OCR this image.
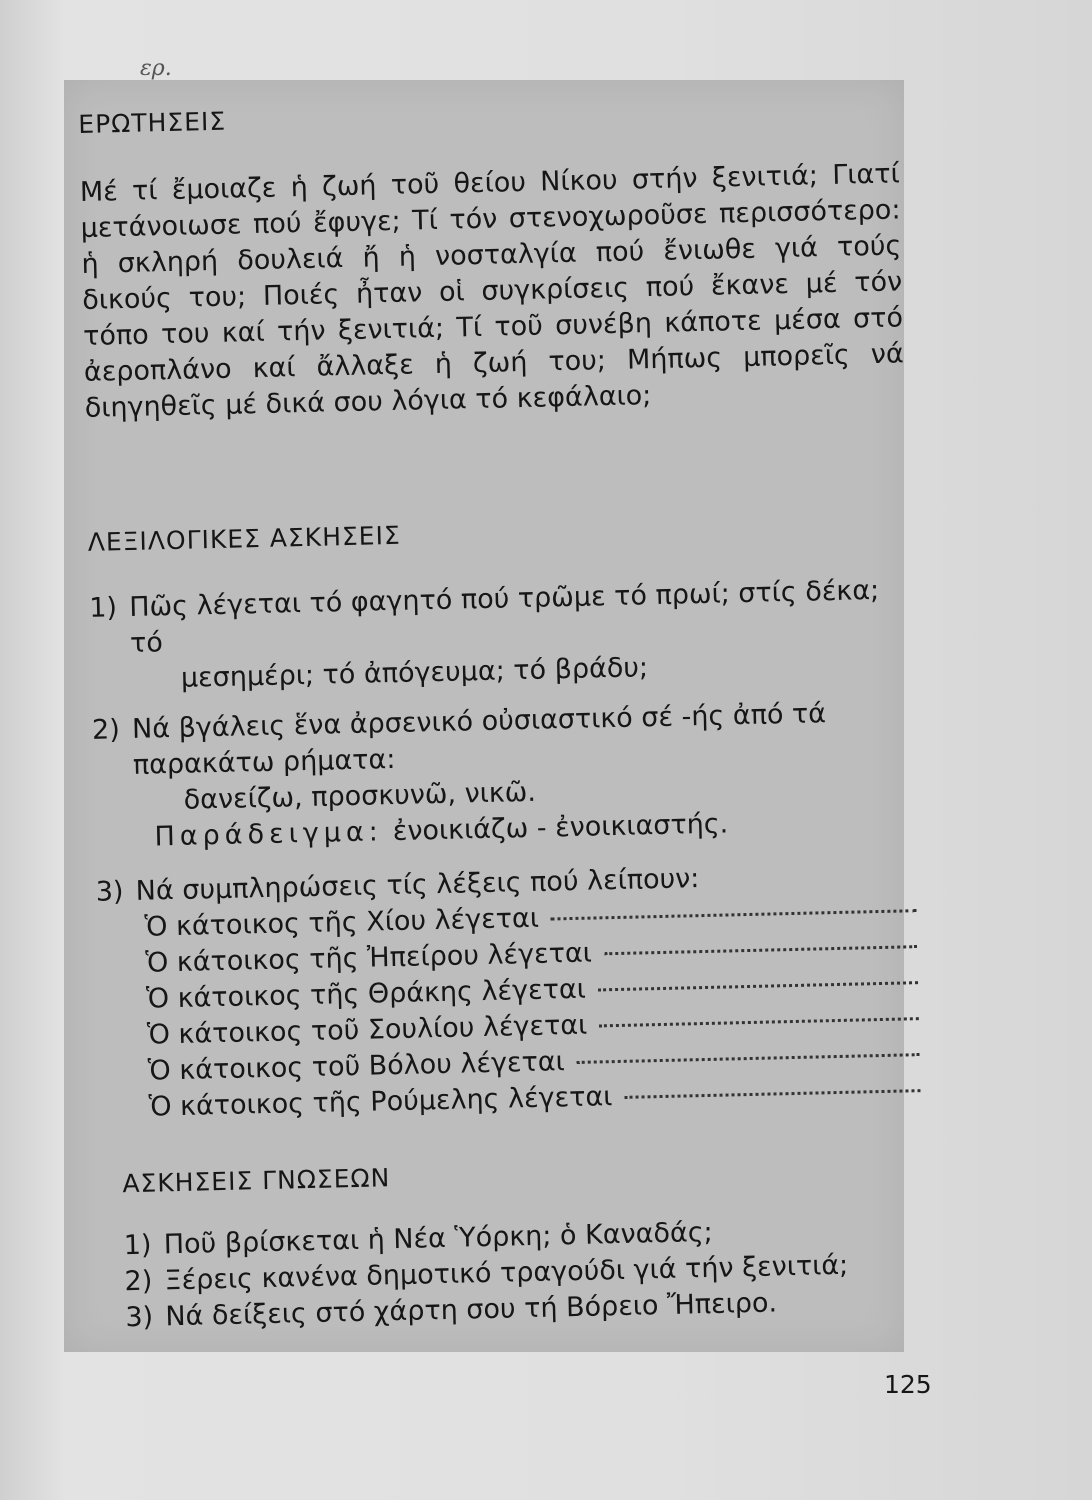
ερ.
ΕΡΩΤΗΣΕΙΣ

Μέ τί ἔμοιαζε ἡ ζωή τοῦ θείου Νίκου στήν ξενιτιά; Γιατί μετάνοιωσε πού ἔφυγε; Τί τόν στενοχωροῦσε περισσότερο: ἡ σκληρή δουλειά ἤ ἡ νοσταλγία πού ἔνιωθε γιά τούς δικούς του; Ποιές ἦταν οἱ συγκρίσεις πού ἔκανε μέ τόν τόπο του καί τήν ξενιτιά; Τί τοῦ συνέβη κάποτε μέσα στό ἀεροπλάνο καί ἄλλαξε ἡ ζωή του; Μήπως μπορεῖς νά διηγηθεῖς μέ δικά σου λόγια τό κεφάλαιο;

ΛΕΞΙΛΟΓΙΚΕΣ ΑΣΚΗΣΕΙΣ
1) Πῶς λέγεται τό φαγητό πού τρῶμε τό πρωί; στίς δέκα; τό
μεσημέρι; τό ἀπόγευμα; τό βράδυ;
2) Νά βγάλεις ἕνα ἀρσενικό οὐσιαστικό σέ -ής ἀπό τά παρακάτω ρήματα:
δανείζω, προσκυνῶ, νικῶ.
Παράδειγμα: ἐνοικιάζω - ἐνοικιαστής.
3) Νά συμπληρώσεις τίς λέξεις πού λείπουν:
Ὁ κάτοικος τῆς Χίου λέγεται
Ὁ κάτοικος τῆς Ἠπείρου λέγεται
Ὁ κάτοικος τῆς Θράκης λέγεται
Ὁ κάτοικος τοῦ Σουλίου λέγεται
Ὁ κάτοικος τοῦ Βόλου λέγεται
Ὁ κάτοικος τῆς Ρούμελης λέγεται
ΑΣΚΗΣΕΙΣ ΓΝΩΣΕΩΝ
1) Ποῦ βρίσκεται ἡ Νέα Ὑόρκη; ὁ Καναδάς;
2) Ξέρεις κανένα δημοτικό τραγούδι γιά τήν ξενιτιά;
3) Νά δείξεις στό χάρτη σου τή Βόρειο Ἤπειρο.
125
